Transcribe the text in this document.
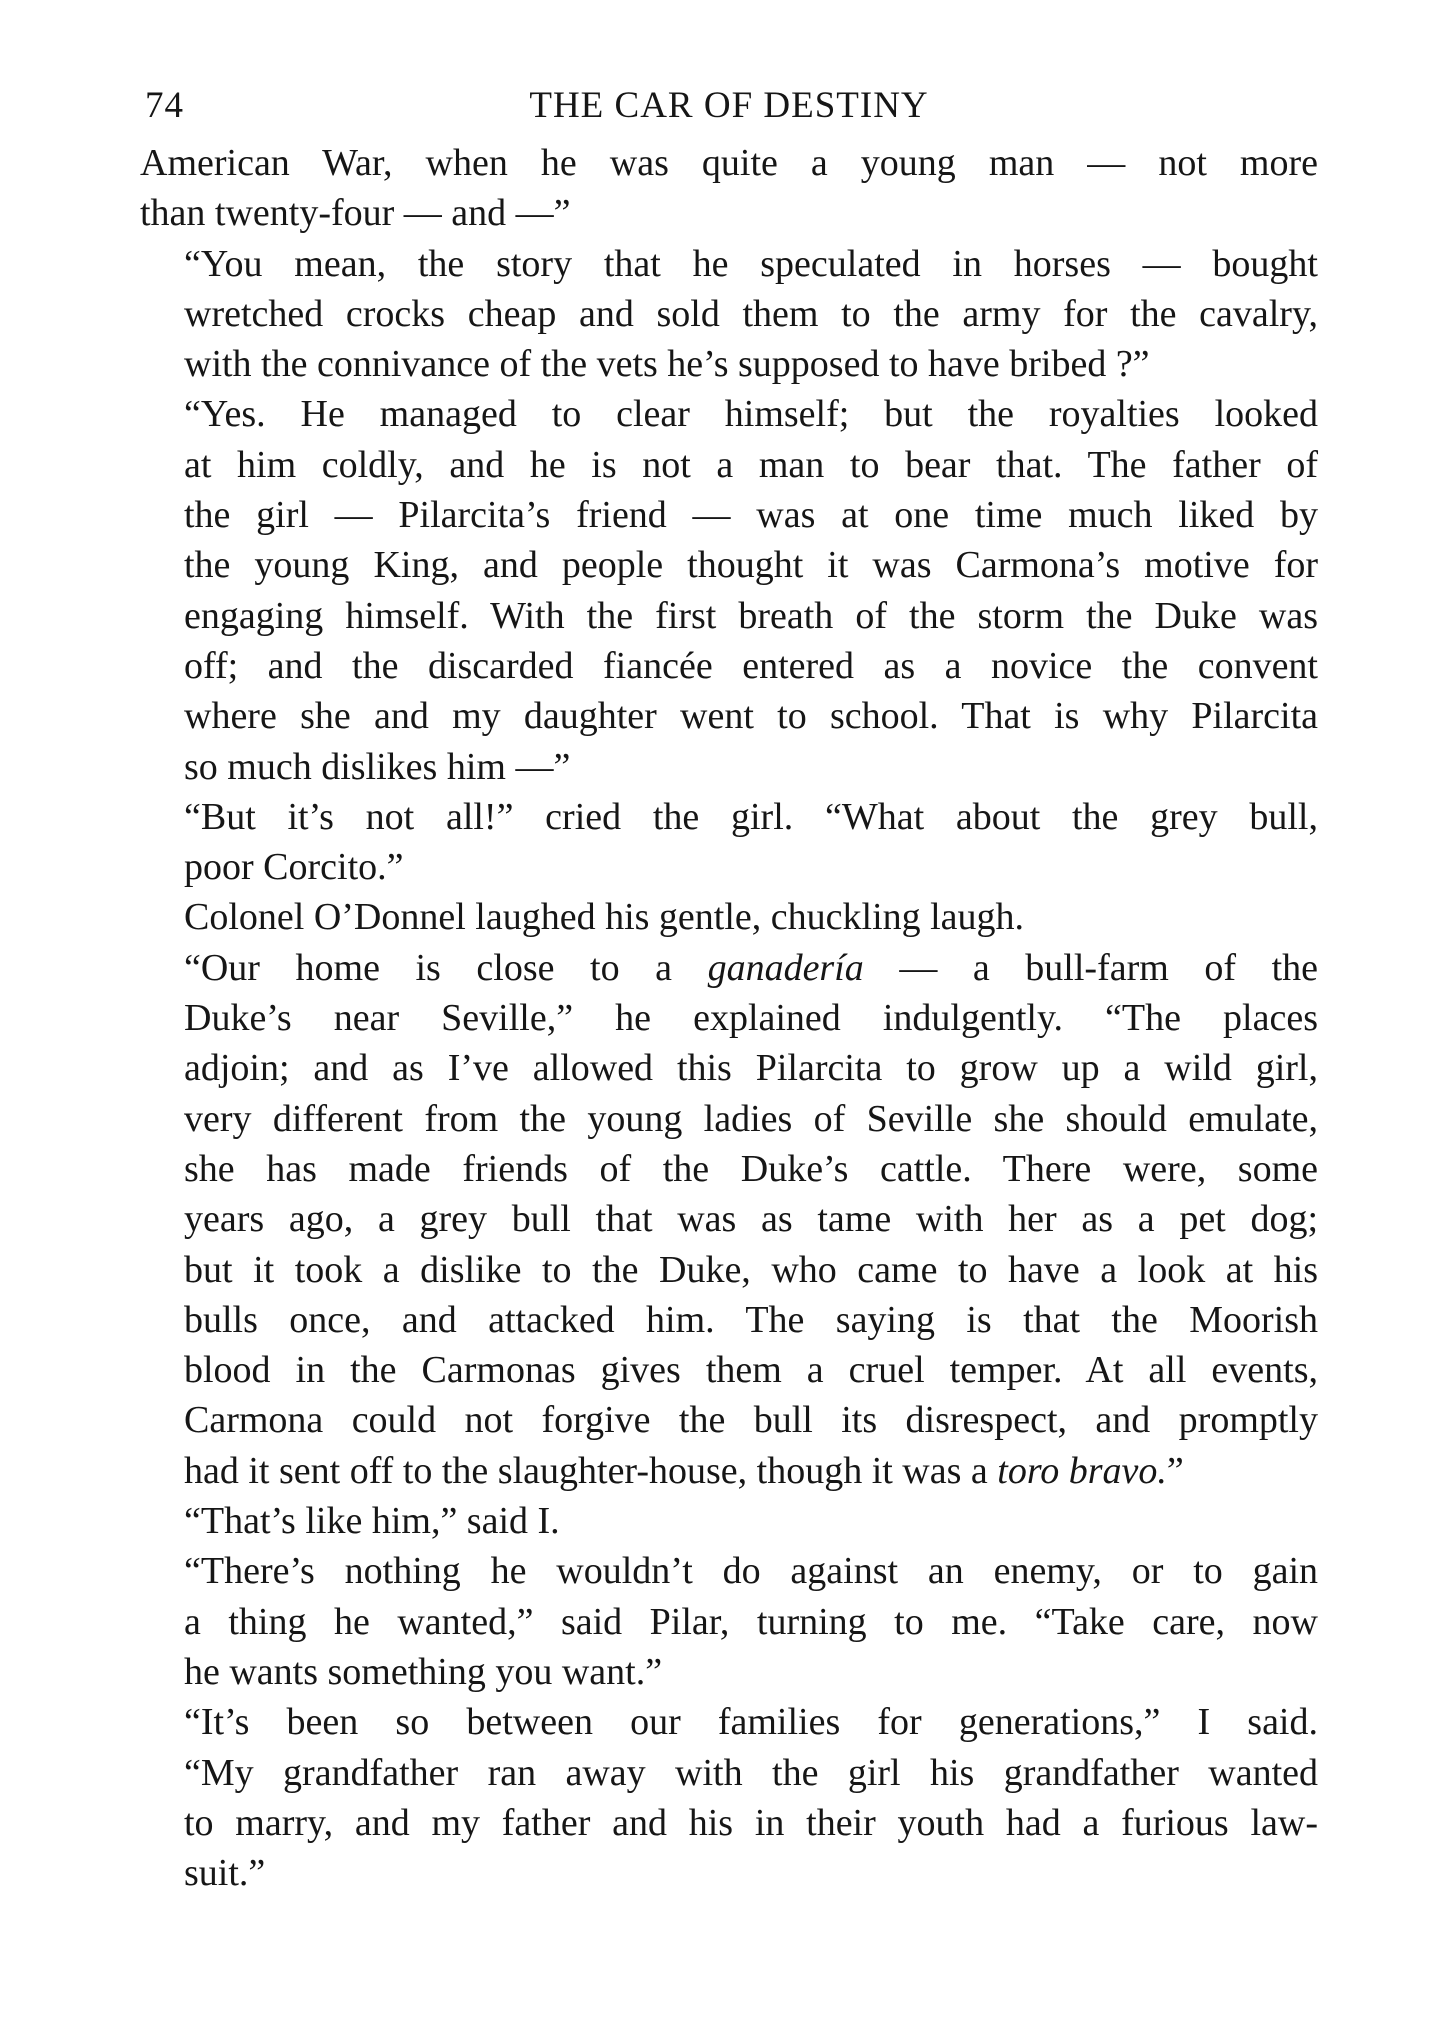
74	THE CAR OF DESTINY

American War, when he was quite a young man — not more
than twenty-four — and —”

“You mean, the story that he speculated in horses — bought
wretched crocks cheap and sold them to the army for the cavalry,
with the connivance of the vets he’s supposed to have bribed ?”

“Yes. He managed to clear himself; but the royalties looked
at him coldly, and he is not a man to bear that. The father of
the girl — Pilarcita’s friend — was at one time much liked by
the young King, and people thought it was Carmona’s motive for
engaging himself. With the first breath of the storm the Duke was
off; and the discarded fiancée entered as a novice the convent
where she and my daughter went to school. That is why Pilarcita
so much dislikes him —”

“But it’s not all!” cried the girl. “What about the grey bull,
poor Corcito.”

Colonel O’Donnel laughed his gentle, chuckling laugh.

“Our home is close to a ganadería — a bull-farm of the
Duke’s near Seville,” he explained indulgently. “The places
adjoin; and as I’ve allowed this Pilarcita to grow up a wild girl,
very different from the young ladies of Seville she should emulate,
she has made friends of the Duke’s cattle. There were, some
years ago, a grey bull that was as tame with her as a pet dog;
but it took a dislike to the Duke, who came to have a look at his
bulls once, and attacked him. The saying is that the Moorish
blood in the Carmonas gives them a cruel temper. At all events,
Carmona could not forgive the bull its disrespect, and promptly
had it sent off to the slaughter-house, though it was a toro bravo.”

“That’s like him,” said I.

“There’s nothing he wouldn’t do against an enemy, or to gain
a thing he wanted,” said Pilar, turning to me. “Take care, now
he wants something you want.”

“It’s been so between our families for generations,” I said.
“My grandfather ran away with the girl his grandfather wanted
to marry, and my father and his in their youth had a furious law-
suit.”
